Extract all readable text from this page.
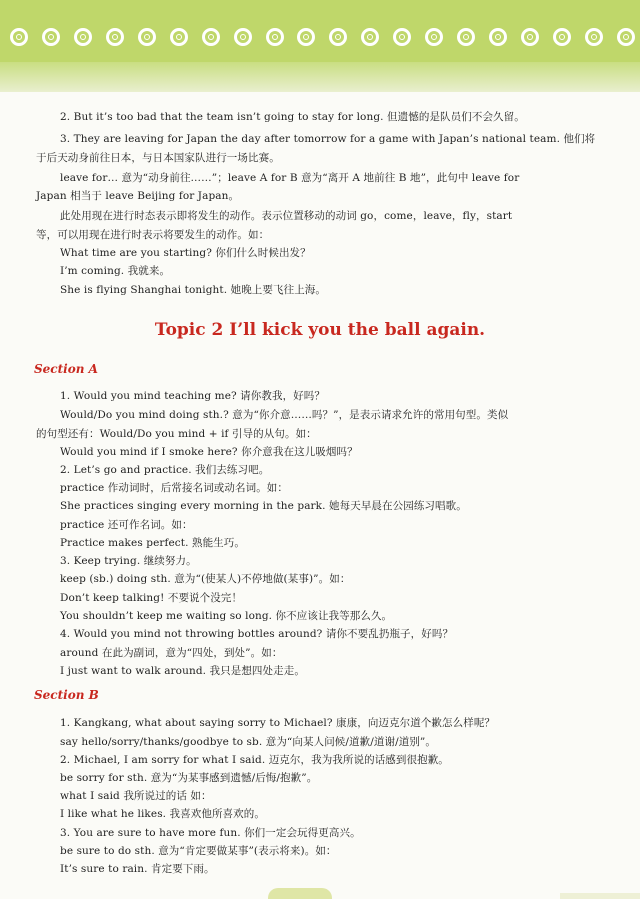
2. But it’s too bad that the team isn’t going to stay for long. 但遗憾的是队员们不会久留。
3. They are leaving for Japan the day after tomorrow for a game with Japan’s national team. 他们将
于后天动身前往日本，与日本国家队进行一场比赛。
leave for… 意为“动身前往……”；leave A for B 意为“离开 A 地前往 B 地”，此句中 leave for
Japan 相当于 leave Beijing for Japan。
此处用现在进行时态表示即将发生的动作。表示位置移动的动词 go，come，leave，fly，start
等，可以用现在进行时表示将要发生的动作。如：
What time are you starting? 你们什么时候出发？
I’m coming. 我就来。
She is flying Shanghai tonight. 她晚上要飞往上海。
Topic 2 I’ll kick you the ball again.
Section A
1. Would you mind teaching me? 请你教我，好吗？
Would/Do you mind doing sth.? 意为“你介意……吗？”，是表示请求允许的常用句型。类似
的句型还有：Would/Do you mind + if 引导的从句。如：
Would you mind if I smoke here? 你介意我在这儿吸烟吗？
2. Let’s go and practice. 我们去练习吧。
practice 作动词时，后常接名词或动名词。如：
She practices singing every morning in the park. 她每天早晨在公园练习唱歌。
practice 还可作名词。如：
Practice makes perfect. 熟能生巧。
3. Keep trying. 继续努力。
keep (sb.) doing sth. 意为“(使某人)不停地做(某事)”。如：
Don’t keep talking! 不要说个没完！
You shouldn’t keep me waiting so long. 你不应该让我等那么久。
4. Would you mind not throwing bottles around? 请你不要乱扔瓶子，好吗？
around 在此为副词，意为“四处，到处”。如：
I just want to walk around. 我只是想四处走走。
Section B
1. Kangkang, what about saying sorry to Michael? 康康，向迈克尔道个歉怎么样呢？
say hello/sorry/thanks/goodbye to sb. 意为“向某人问候/道歉/道谢/道别”。
2. Michael, I am sorry for what I said. 迈克尔，我为我所说的话感到很抱歉。
be sorry for sth. 意为“为某事感到遗憾/后悔/抱歉”。
what I said 我所说过的话 如：
I like what he likes. 我喜欢他所喜欢的。
3. You are sure to have more fun. 你们一定会玩得更高兴。
be sure to do sth. 意为“肯定要做某事”(表示将来)。如：
It’s sure to rain. 肯定要下雨。
